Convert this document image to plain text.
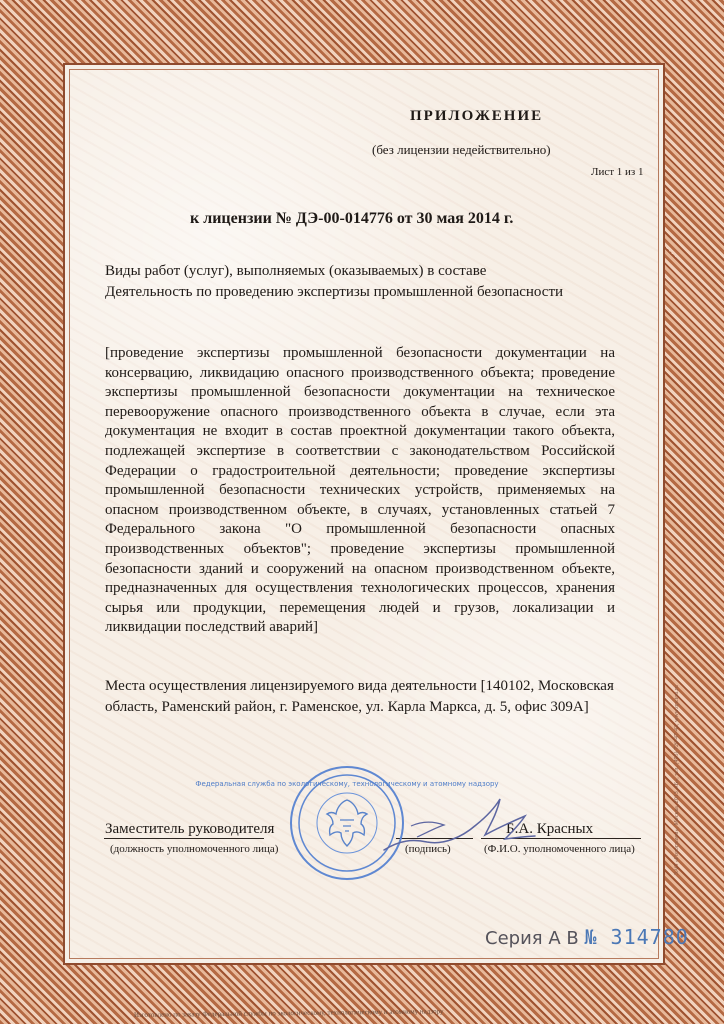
ПРИЛОЖЕНИЕ
(без лицензии недействительно)
Лист 1 из 1
к лицензии № ДЭ-00-014776 от 30 мая 2014 г.
Виды работ (услуг), выполняемых (оказываемых) в составе Деятельность по проведению экспертизы промышленной безопасности
[проведение экспертизы промышленной безопасности документации на консервацию, ликвидацию опасного производственного объекта; проведение экспертизы промышленной безопасности документации на техническое перевооружение опасного производственного объекта в случае, если эта документация не входит в состав проектной документации такого объекта, подлежащей экспертизе в соответствии с законодательством Российской Федерации о градостроительной деятельности; проведение экспертизы промышленной безопасности технических устройств, применяемых на опасном производственном объекте, в случаях, установленных статьей 7 Федерального закона "О промышленной безопасности опасных производственных объектов"; проведение экспертизы промышленной безопасности зданий и сооружений на опасном производственном объекте, предназначенных для осуществления технологических процессов, хранения сырья или продукции, перемещения людей и грузов, локализации и ликвидации последствий аварий]
Места осуществления лицензируемого вида деятельности [140102, Московская область, Раменский район, г. Раменское, ул. Карла Маркса, д. 5, офис 309А]
Заместитель руководителя	Б.А. Красных
(должность уполномоченного лица)	(подпись)	(Ф.И.О. уполномоченного лица)
Федеральная служба по экологическому, технологическому и атомному надзору
Серия А В № 314780
Изготовлено по заказу Федеральной службы по экологическому, технологическому и атомному надзору
ЗАО «Голограмм», Москва, 2013, «Б», тел. (495) 726-47-42, www.opcion.ru
